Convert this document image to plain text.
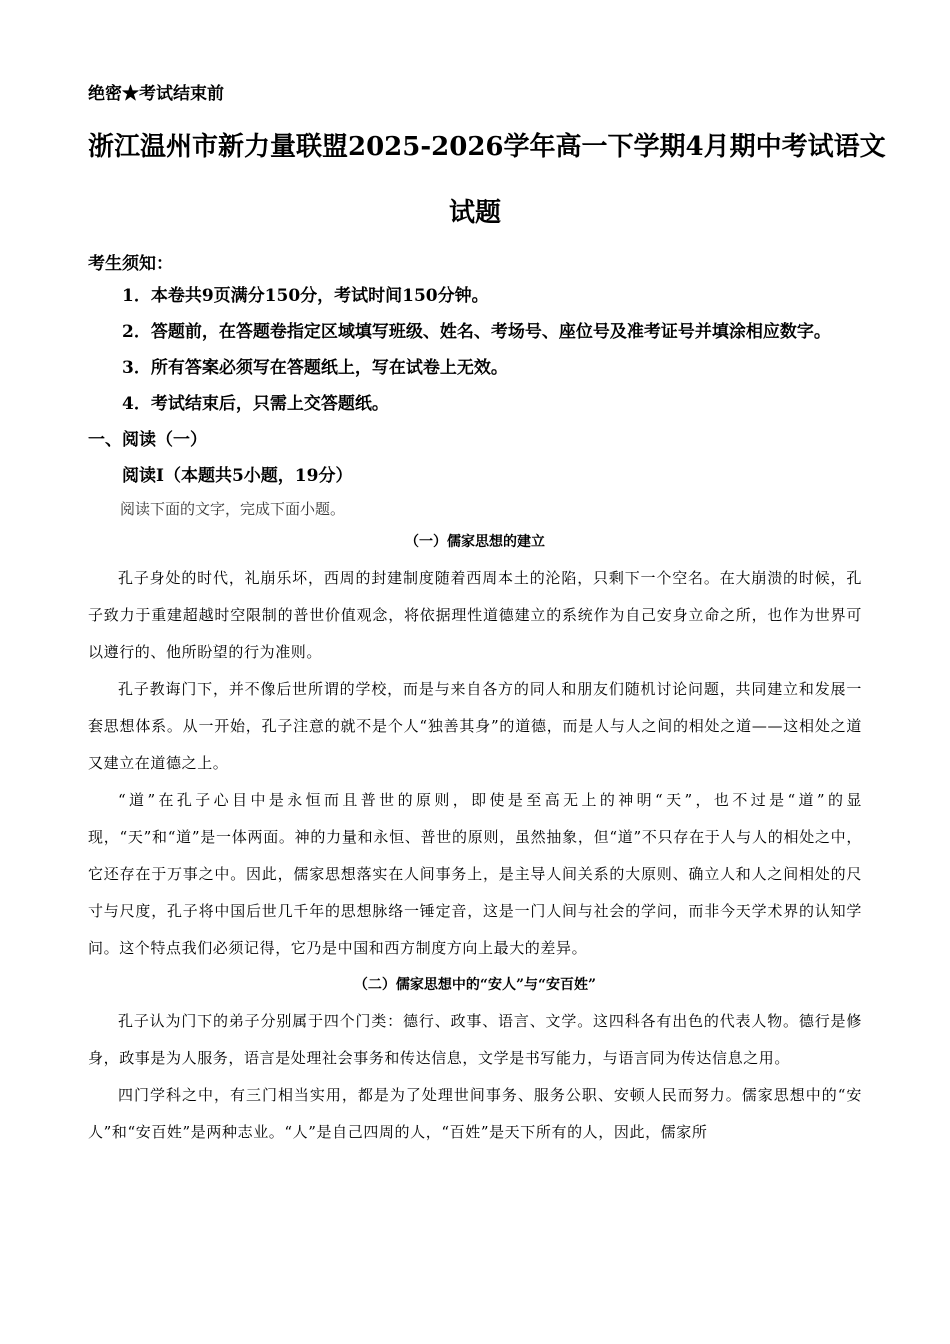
绝密★考试结束前
浙江温州市新力量联盟2025-2026学年高一下学期4月期中考试语文
试题
考生须知：

1．本卷共9页满分150分，考试时间150分钟。

2．答题前，在答题卷指定区域填写班级、姓名、考场号、座位号及准考证号并填涂相应数字。

3．所有答案必须写在答题纸上，写在试卷上无效。

4．考试结束后，只需上交答题纸。

一、阅读（一）
阅读Ⅰ（本题共5小题，19分）
阅读下面的文字，完成下面小题。
（一）儒家思想的建立

孔子身处的时代，礼崩乐坏，西周的封建制度随着西周本土的沦陷，只剩下一个空名。在大崩溃的时候，孔子致力于重建超越时空限制的普世价值观念，将依据理性道德建立的系统作为自己安身立命之所，也作为世界可以遵行的、他所盼望的行为准则。

孔子教诲门下，并不像后世所谓的学校，而是与来自各方的同人和朋友们随机讨论问题，共同建立和发展一套思想体系。从一开始，孔子注意的就不是个人“独善其身”的道德，而是人与人之间的相处之道——这相处之道又建立在道德之上。

“道”在孔子心目中是永恒而且普世的原则，即使是至高无上的神明“天”，也不过是“道”的显现，“天”和“道”是一体两面。神的力量和永恒、普世的原则，虽然抽象，但“道”不只存在于人与人的相处之中，它还存在于万事之中。因此，儒家思想落实在人间事务上，是主导人间关系的大原则、确立人和人之间相处的尺寸与尺度，孔子将中国后世几千年的思想脉络一锤定音，这是一门人间与社会的学问，而非今天学术界的认知学问。这个特点我们必须记得，它乃是中国和西方制度方向上最大的差异。

（二）儒家思想中的“安人”与“安百姓”

孔子认为门下的弟子分别属于四个门类：德行、政事、语言、文学。这四科各有出色的代表人物。德行是修身，政事是为人服务，语言是处理社会事务和传达信息，文学是书写能力，与语言同为传达信息之用。

四门学科之中，有三门相当实用，都是为了处理世间事务、服务公职、安顿人民而努力。儒家思想中的“安人”和“安百姓”是两种志业。“人”是自己四周的人，“百姓”是天下所有的人，因此，儒家所
